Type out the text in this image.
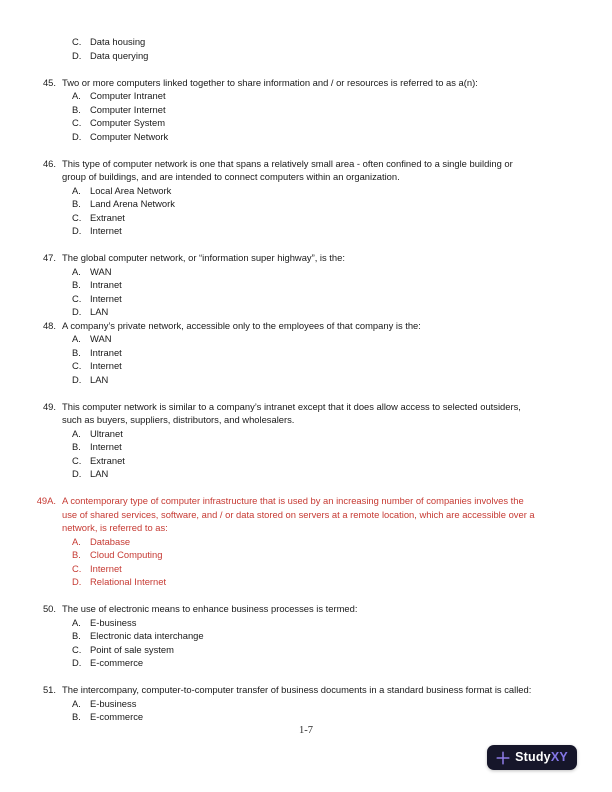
C. Data housing
D. Data querying
45. Two or more computers linked together to share information and / or resources is referred to as a(n):
A. Computer Intranet
B. Computer Internet
C. Computer System
D. Computer Network
46. This type of computer network is one that spans a relatively small area - often confined to a single building or
group of buildings, and are intended to connect computers within an organization.
A. Local Area Network
B. Land Arena Network
C. Extranet
D. Internet
47. The global computer network, or “information super highway”, is the:
A. WAN
B. Intranet
C. Internet
D. LAN
48. A company’s private network, accessible only to the employees of that company is the:
A. WAN
B. Intranet
C. Internet
D. LAN
49. This computer network is similar to a company’s intranet except that it does allow access to selected outsiders,
such as buyers, suppliers, distributors, and wholesalers.
A. Ultranet
B. Internet
C. Extranet
D. LAN
49A. A contemporary type of computer infrastructure that is used by an increasing number of companies involves the
use of shared services, software, and / or data stored on servers at a remote location, which are accessible over a
network, is referred to as:
A. Database
B. Cloud Computing
C. Internet
D. Relational Internet
50. The use of electronic means to enhance business processes is termed:
A. E-business
B. Electronic data interchange
C. Point of sale system
D. E-commerce
51. The intercompany, computer-to-computer transfer of business documents in a standard business format is called:
A. E-business
B. E-commerce
1-7
StudyXY
